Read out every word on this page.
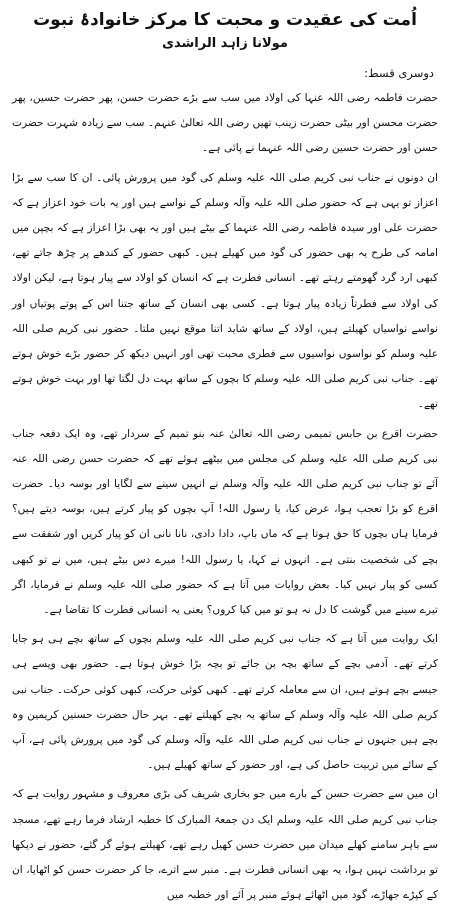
اُمت کی عقیدت و محبت کا مرکز خانوادۂ نبوت
مولانا زاہد الراشدی
دوسری قسط:

حضرت فاطمہ رضی اللہ عنہا کی اولاد میں سب سے بڑے حضرت حسن، پھر حضرت حسین، پھر حضرت محسن اور بیٹی حضرت زینب تھیں رضی اللہ تعالیٰ عنہم۔ سب سے زیادہ شہرت حضرت حسن اور حضرت حسین رضی اللہ عنہما نے پائی ہے۔

ان دونوں نے جناب نبی کریم صلی اللہ علیہ وسلم کی گود میں پرورش پائی۔ ان کا سب سے بڑا اعزاز تو یہی ہے کہ حضور صلی اللہ علیہ وآلہ وسلم کے نواسے ہیں اور یہ بات خود اعزاز ہے کہ حضرت علی اور سیدہ فاطمہ رضی اللہ عنہما کے بیٹے ہیں اور یہ بھی بڑا اعزاز ہے کہ بچپن میں امامہ کی طرح یہ بھی حضور کی گود میں کھیلے ہیں۔ کبھی حضور کے کندھے پر چڑھ جاتے تھے، کبھی ارد گرد گھومتے رہتے تھے۔ انسانی فطرت ہے کہ انسان کو اولاد سے پیار ہوتا ہے، لیکن اولاد کی اولاد سے فطرتاً زیادہ پیار ہوتا ہے۔ کسی بھی انسان کے ساتھ جتنا اس کے پوتے پوتیاں اور نواسے نواسیاں کھیلتے ہیں، اولاد کے ساتھ شاید اتنا موقع نہیں ملتا۔ حضور نبی کریم صلی اللہ علیہ وسلم کو نواسوں نواسیوں سے فطری محبت تھی اور انہیں دیکھ کر حضور بڑے خوش ہوتے تھے۔ جناب نبی کریم صلی اللہ علیہ وسلم کا بچوں کے ساتھ بہت دل لگتا تھا اور بہت خوش ہوتے تھے۔

حضرت اقرع بن حابس تمیمی رضی اللہ تعالیٰ عنہ بنو تمیم کے سردار تھے، وہ ایک دفعہ جناب نبی کریم صلی اللہ علیہ وسلم کی مجلس میں بیٹھے ہوئے تھے کہ حضرت حسن رضی اللہ عنہ آئے تو جناب نبی کریم صلی اللہ علیہ وآلہ وسلم نے انہیں سینے سے لگایا اور بوسہ دیا۔ حضرت اقرع کو بڑا تعجب ہوا، عرض کیا، یا رسول اللہ! آپ بچوں کو پیار کرتے ہیں، بوسہ دیتے ہیں؟ فرمایا ہاں بچوں کا حق ہوتا ہے کہ ماں باپ، دادا دادی، نانا نانی ان کو پیار کریں اور شفقت سے بچے کی شخصیت بنتی ہے۔ انہوں نے کہا، یا رسول اللہ! میرے دس بیٹے ہیں، میں نے تو کبھی کسی کو پیار نہیں کیا۔ بعض روایات میں آتا ہے کہ حضور صلی اللہ علیہ وسلم نے فرمایا، اگر تیرے سینے میں گوشت کا دل نہ ہو تو میں کیا کروں؟ یعنی یہ انسانی فطرت کا تقاضا ہے۔

ایک روایت میں آتا ہے کہ جناب نبی کریم صلی اللہ علیہ وسلم بچوں کے ساتھ بچے ہی ہو جایا کرتے تھے۔ آدمی بچے کے ساتھ بچہ بن جائے تو بچہ بڑا خوش ہوتا ہے۔ حضور بھی ویسے ہی جیسے بچے ہوتے ہیں، ان سے معاملہ کرتے تھے۔ کبھی کوئی حرکت، کبھی کوئی حرکت۔ جناب نبی کریم صلی اللہ علیہ وآلہ وسلم کے ساتھ یہ بچے کھیلتے تھے۔ بہر حال حضرت حسنین کریمین وہ بچے ہیں جنہوں نے جناب نبی کریم صلی اللہ علیہ وآلہ وسلم کی گود میں پرورش پائی ہے، آپ کے سائے میں تربیت حاصل کی ہے، اور حضور کے ساتھ کھیلے ہیں۔

ان میں سے حضرت حسن کے بارے میں جو بخاری شریف کی بڑی معروف و مشہور روایت ہے کہ جناب نبی کریم صلی اللہ علیہ وسلم ایک دن جمعۃ المبارک کا خطبہ ارشاد فرما رہے تھے، مسجد سے باہر سامنے کھلے میدان میں حضرت حسن کھیل رہے تھے، کھیلتے ہوئے گر گئے، حضور نے دیکھا تو برداشت نہیں ہوا، یہ بھی انسانی فطرت ہے۔ منبر سے اترے، جا کر حضرت حسن کو اٹھایا، ان کے کپڑے جھاڑے، گود میں اٹھائے ہوئے منبر پر آئے اور خطبہ میں
